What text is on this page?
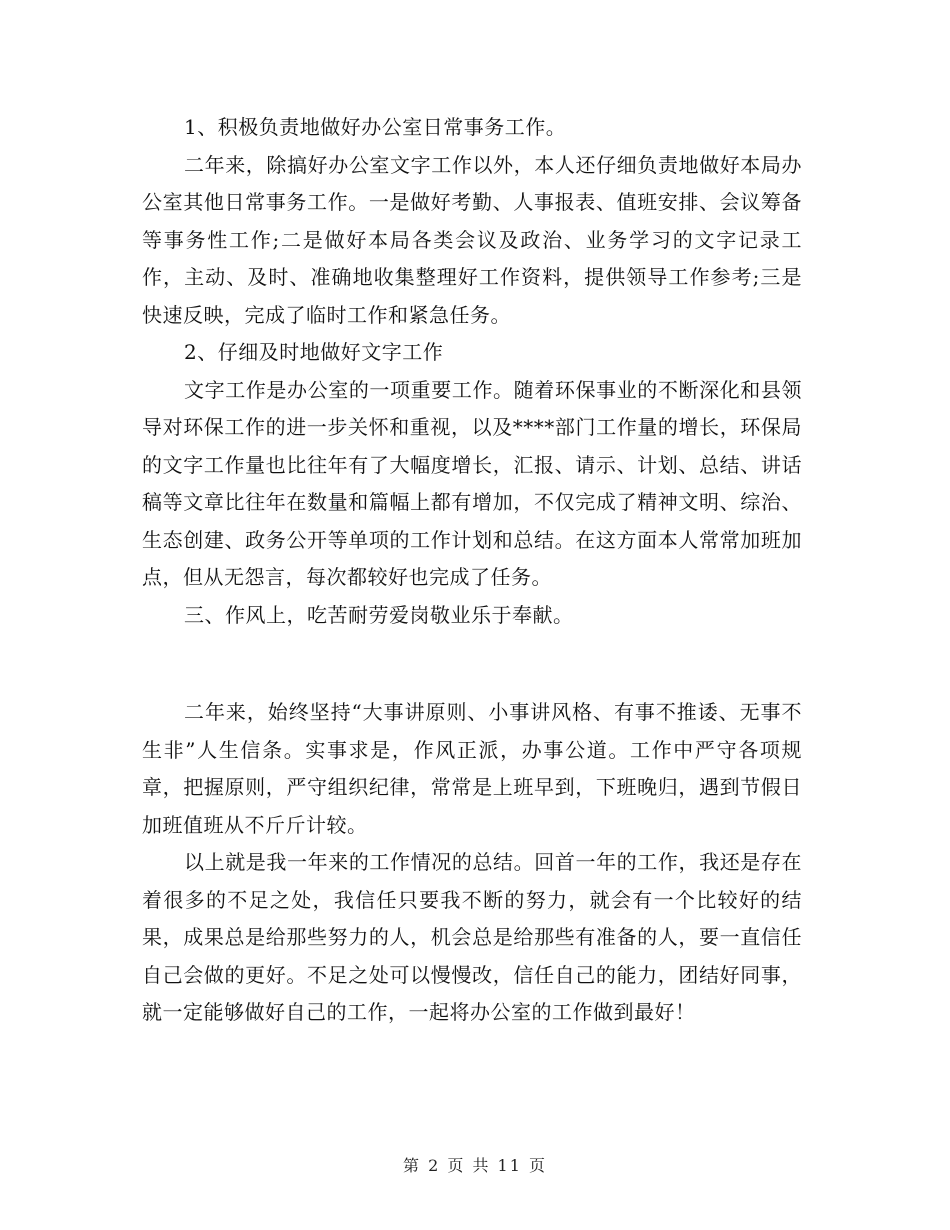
1、积极负责地做好办公室日常事务工作。

二年来，除搞好办公室文字工作以外，本人还仔细负责地做好本局办公室其他日常事务工作。一是做好考勤、人事报表、值班安排、会议筹备等事务性工作;二是做好本局各类会议及政治、业务学习的文字记录工作，主动、及时、准确地收集整理好工作资料，提供领导工作参考;三是快速反映，完成了临时工作和紧急任务。

2、仔细及时地做好文字工作

文字工作是办公室的一项重要工作。随着环保事业的不断深化和县领导对环保工作的进一步关怀和重视，以及****部门工作量的增长，环保局的文字工作量也比往年有了大幅度增长，汇报、请示、计划、总结、讲话稿等文章比往年在数量和篇幅上都有增加，不仅完成了精神文明、综治、生态创建、政务公开等单项的工作计划和总结。在这方面本人常常加班加点，但从无怨言，每次都较好也完成了任务。

三、作风上，吃苦耐劳爱岗敬业乐于奉献。

二年来，始终坚持“大事讲原则、小事讲风格、有事不推诿、无事不生非”人生信条。实事求是，作风正派，办事公道。工作中严守各项规章，把握原则，严守组织纪律，常常是上班早到，下班晚归，遇到节假日加班值班从不斤斤计较。

以上就是我一年来的工作情况的总结。回首一年的工作，我还是存在着很多的不足之处，我信任只要我不断的努力，就会有一个比较好的结果，成果总是给那些努力的人，机会总是给那些有准备的人，要一直信任自己会做的更好。不足之处可以慢慢改，信任自己的能力，团结好同事，就一定能够做好自己的工作，一起将办公室的工作做到最好！

第 2 页 共 11 页
